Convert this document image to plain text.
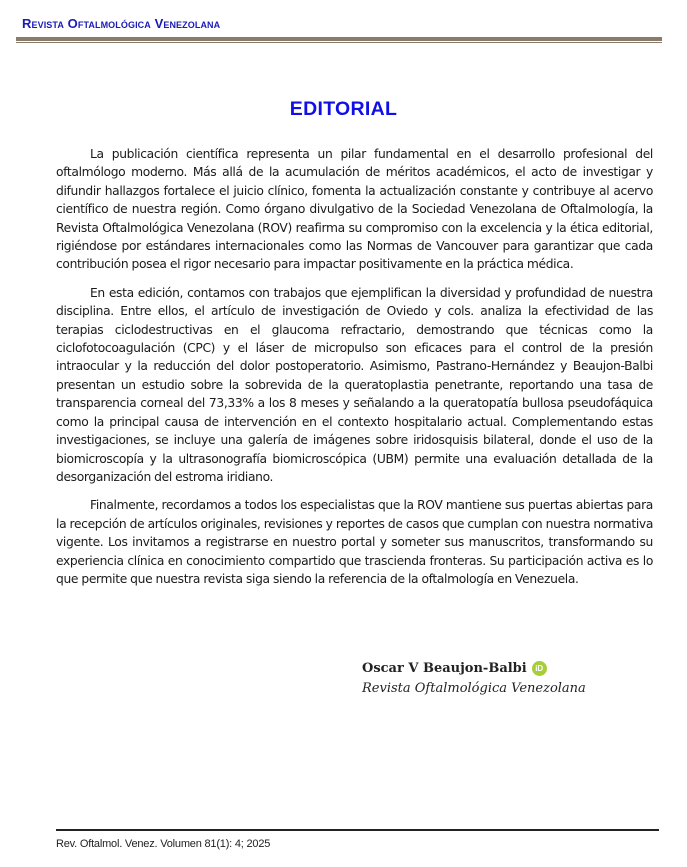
Revista Oftalmológica Venezolana
EDITORIAL

La publicación científica representa un pilar fundamental en el desarrollo profesional del oftalmólogo moderno. Más allá de la acumulación de méritos académicos, el acto de investigar y difundir hallazgos fortalece el juicio clínico, fomenta la actualización constante y contribuye al acervo científico de nuestra región. Como órgano divulgativo de la Sociedad Venezolana de Oftalmología, la Revista Oftalmológica Venezolana (ROV) reafirma su compromiso con la excelencia y la ética editorial, rigiéndose por estándares internacionales como las Normas de Vancouver para garantizar que cada contribución posea el rigor necesario para impactar positivamente en la práctica médica.

En esta edición, contamos con trabajos que ejemplifican la diversidad y profundidad de nuestra disciplina. Entre ellos, el artículo de investigación de Oviedo y cols. analiza la efectividad de las terapias ciclodestructivas en el glaucoma refractario, demostrando que técnicas como la ciclofotocoagulación (CPC) y el láser de micropulso son eficaces para el control de la presión intraocular y la reducción del dolor postoperatorio. Asimismo, Pastrano-Hernández y Beaujon-Balbi presentan un estudio sobre la sobrevida de la queratoplastia penetrante, reportando una tasa de transparencia corneal del 73,33% a los 8 meses y señalando a la queratopatía bullosa pseudofáquica como la principal causa de intervención en el contexto hospitalario actual. Complementando estas investigaciones, se incluye una galería de imágenes sobre iridosquisis bilateral, donde el uso de la biomicroscopía y la ultrasonografía biomicroscópica (UBM) permite una evaluación detallada de la desorganización del estroma iridiano.

Finalmente, recordamos a todos los especialistas que la ROV mantiene sus puertas abiertas para la recepción de artículos originales, revisiones y reportes de casos que cumplan con nuestra normativa vigente. Los invitamos a registrarse en nuestro portal y someter sus manuscritos, transformando su experiencia clínica en conocimiento compartido que trascienda fronteras. Su participación activa es lo que permite que nuestra revista siga siendo la referencia de la oftalmología en Venezuela.

Oscar V Beaujon-Balbi	iD
Revista Oftalmológica Venezolana
Rev. Oftalmol. Venez. Volumen 81(1): 4; 2025
